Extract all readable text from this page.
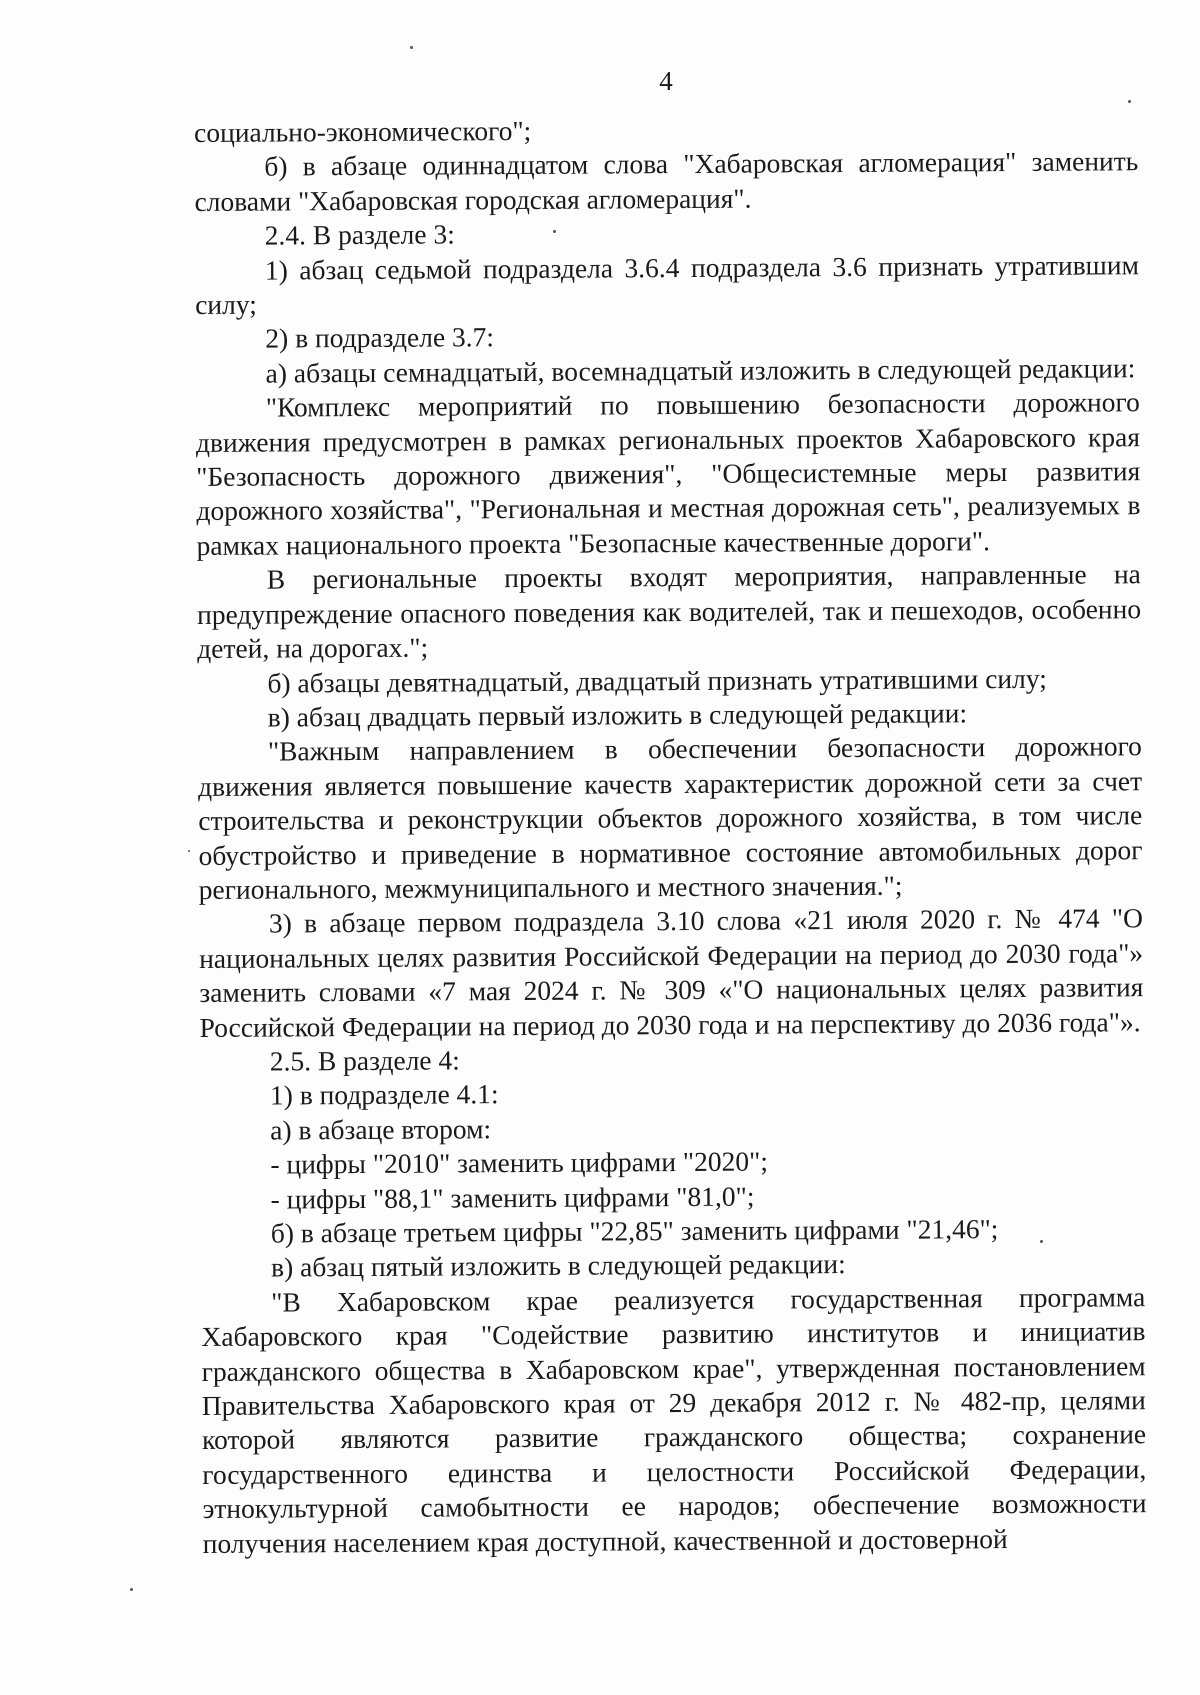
4

социально-экономического";

б) в абзаце одиннадцатом слова "Хабаровская агломерация" заменить словами "Хабаровская городская агломерация".

2.4. В разделе 3:

1) абзац седьмой подраздела 3.6.4 подраздела 3.6 признать утратившим силу;

2) в подразделе 3.7:

а) абзацы семнадцатый, восемнадцатый изложить в следующей редакции:

"Комплекс мероприятий по повышению безопасности дорожного движения предусмотрен в рамках региональных проектов Хабаровского края "Безопасность дорожного движения", "Общесистемные меры развития дорожного хозяйства", "Региональная и местная дорожная сеть", реализуемых в рамках национального проекта "Безопасные качественные дороги".

В региональные проекты входят мероприятия, направленные на предупреждение опасного поведения как водителей, так и пешеходов, особенно детей, на дорогах.";

б) абзацы девятнадцатый, двадцатый признать утратившими силу;

в) абзац двадцать первый изложить в следующей редакции:

"Важным направлением в обеспечении безопасности дорожного движения является повышение качеств характеристик дорожной сети за счет строительства и реконструкции объектов дорожного хозяйства, в том числе обустройство и приведение в нормативное состояние автомобильных дорог регионального, межмуниципального и местного значения.";

3) в абзаце первом подраздела 3.10 слова «21 июля 2020 г. № 474 "О национальных целях развития Российской Федерации на период до 2030 года"» заменить словами «7 мая 2024 г. № 309 «"О национальных целях развития Российской Федерации на период до 2030 года и на перспективу до 2036 года"».

2.5. В разделе 4:

1) в подразделе 4.1:

а) в абзаце втором:

- цифры "2010" заменить цифрами "2020";

- цифры "88,1" заменить цифрами "81,0";

б) в абзаце третьем цифры "22,85" заменить цифрами "21,46";

в) абзац пятый изложить в следующей редакции:

"В Хабаровском крае реализуется государственная программа Хабаровского края "Содействие развитию институтов и инициатив гражданского общества в Хабаровском крае", утвержденная постановлением Правительства Хабаровского края от 29 декабря 2012 г. № 482-пр, целями которой являются развитие гражданского общества; сохранение государственного единства и целостности Российской Федерации, этнокультурной самобытности ее народов; обеспечение возможности получения населением края доступной, качественной и достоверной
